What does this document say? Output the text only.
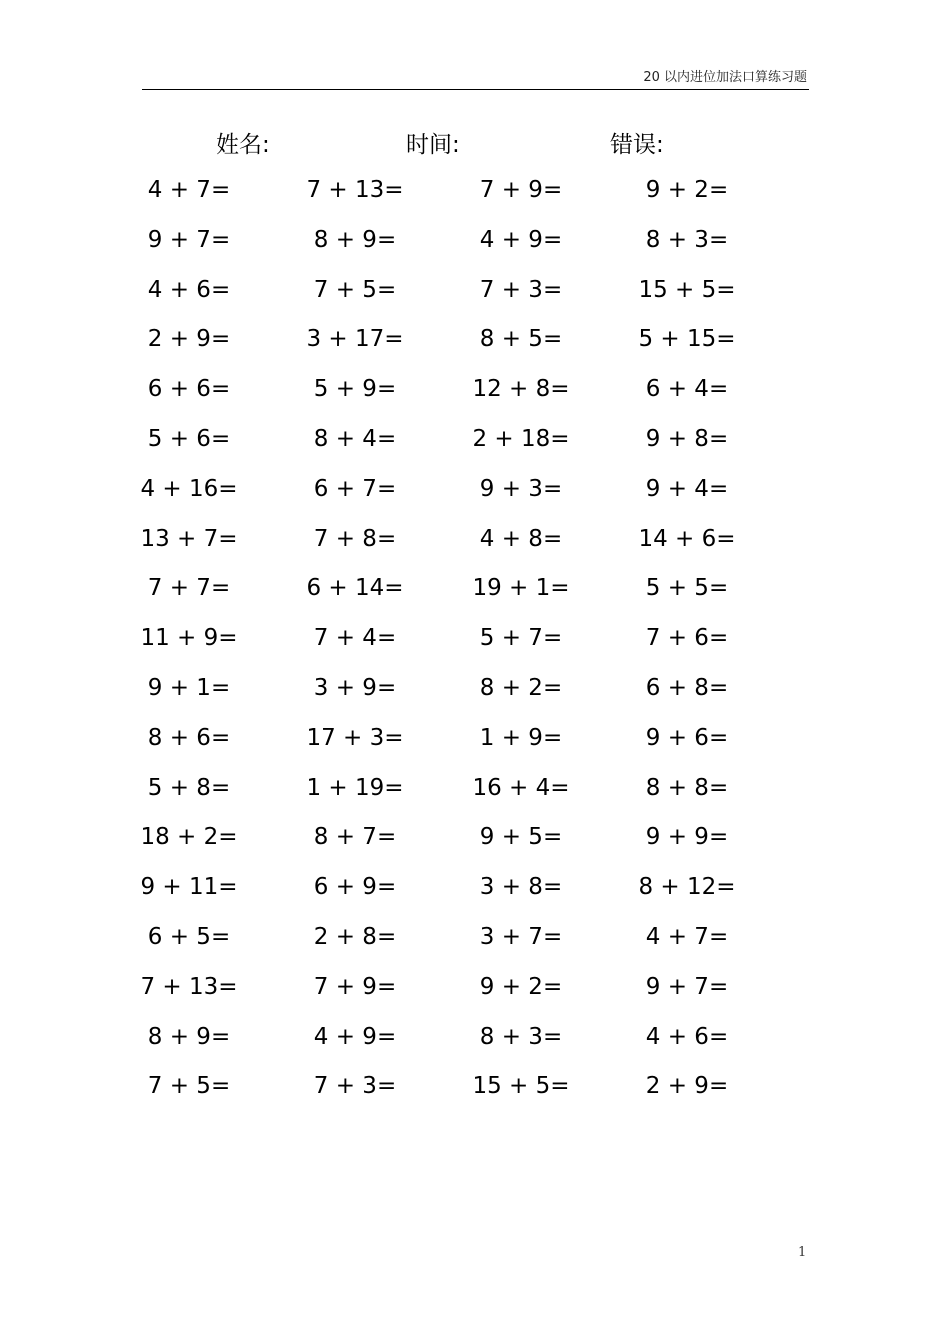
20 以内进位加法口算练习题
姓名:	时间:	错误:
4 + 7=	7 + 13=	7 + 9=	9 + 2=
9 + 7=	8 + 9=	4 + 9=	8 + 3=
4 + 6=	7 + 5=	7 + 3=	15 + 5=
2 + 9=	3 + 17=	8 + 5=	5 + 15=
6 + 6=	5 + 9=	12 + 8=	6 + 4=
5 + 6=	8 + 4=	2 + 18=	9 + 8=
4 + 16=	6 + 7=	9 + 3=	9 + 4=
13 + 7=	7 + 8=	4 + 8=	14 + 6=
7 + 7=	6 + 14=	19 + 1=	5 + 5=
11 + 9=	7 + 4=	5 + 7=	7 + 6=
9 + 1=	3 + 9=	8 + 2=	6 + 8=
8 + 6=	17 + 3=	1 + 9=	9 + 6=
5 + 8=	1 + 19=	16 + 4=	8 + 8=
18 + 2=	8 + 7=	9 + 5=	9 + 9=
9 + 11=	6 + 9=	3 + 8=	8 + 12=
6 + 5=	2 + 8=	3 + 7=	4 + 7=
7 + 13=	7 + 9=	9 + 2=	9 + 7=
8 + 9=	4 + 9=	8 + 3=	4 + 6=
7 + 5=	7 + 3=	15 + 5=	2 + 9=
1
